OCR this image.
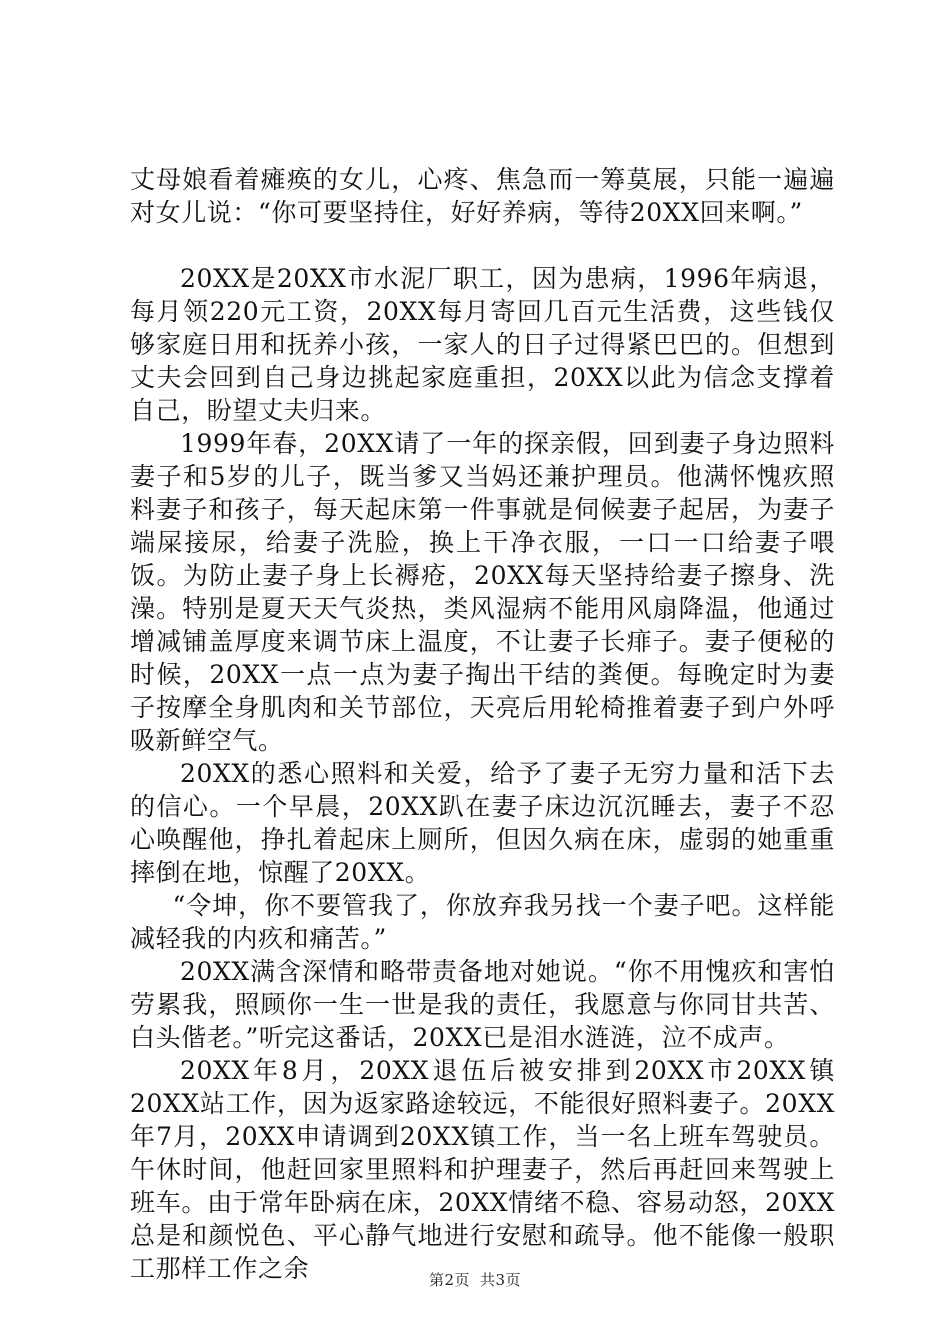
丈母娘看着瘫痪的女儿，心疼、焦急而一筹莫展，只能一遍遍对女儿说：“你可要坚持住，好好养病，等待20XX回来啊。”

20XX是20XX市水泥厂职工，因为患病，1996年病退，每月领220元工资，20XX每月寄回几百元生活费，这些钱仅够家庭日用和抚养小孩，一家人的日子过得紧巴巴的。但想到丈夫会回到自己身边挑起家庭重担，20XX以此为信念支撑着自己，盼望丈夫归来。

1999年春，20XX请了一年的探亲假，回到妻子身边照料妻子和5岁的儿子，既当爹又当妈还兼护理员。他满怀愧疚照料妻子和孩子，每天起床第一件事就是伺候妻子起居，为妻子端屎接尿，给妻子洗脸，换上干净衣服，一口一口给妻子喂饭。为防止妻子身上长褥疮，20XX每天坚持给妻子擦身、洗澡。特别是夏天天气炎热，类风湿病不能用风扇降温，他通过增减铺盖厚度来调节床上温度，不让妻子长痱子。妻子便秘的时候，20XX一点一点为妻子掏出干结的粪便。每晚定时为妻子按摩全身肌肉和关节部位，天亮后用轮椅推着妻子到户外呼吸新鲜空气。

20XX的悉心照料和关爱，给予了妻子无穷力量和活下去的信心。一个早晨，20XX趴在妻子床边沉沉睡去，妻子不忍心唤醒他，挣扎着起床上厕所，但因久病在床，虚弱的她重重摔倒在地，惊醒了20XX。

“令坤，你不要管我了，你放弃我另找一个妻子吧。这样能减轻我的内疚和痛苦。”

20XX满含深情和略带责备地对她说。“你不用愧疚和害怕劳累我，照顾你一生一世是我的责任，我愿意与你同甘共苦、白头偕老。”听完这番话，20XX已是泪水涟涟，泣不成声。

20XX年8月，20XX退伍后被安排到20XX市20XX镇20XX站工作，因为返家路途较远，不能很好照料妻子。20XX年7月，20XX申请调到20XX镇工作，当一名上班车驾驶员。午休时间，他赶回家里照料和护理妻子，然后再赶回来驾驶上班车。由于常年卧病在床，20XX情绪不稳、容易动怒，20XX总是和颜悦色、平心静气地进行安慰和疏导。他不能像一般职工那样工作之余	第2页 共3页
